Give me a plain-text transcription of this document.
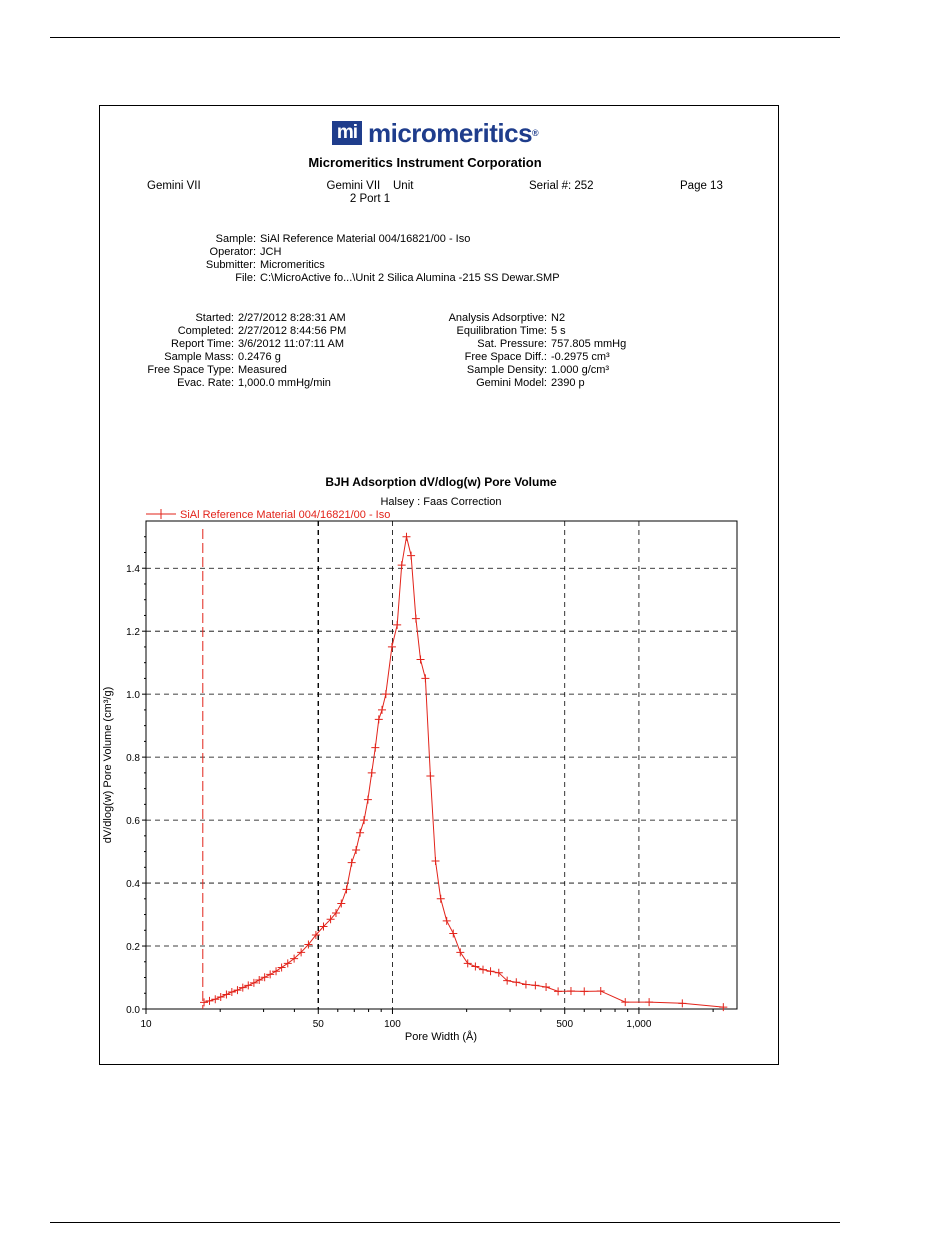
mi micromeritics®
Micromeritics Instrument Corporation
Gemini VII	Gemini VII    Unit
2 Port 1
Serial #: 252	Page 13
Sample: SiAl Reference Material 004/16821/00 - Iso
Operator: JCH
Submitter: Micromeritics
File: C:\MicroActive fo...\Unit 2 Silica Alumina -215 SS Dewar.SMP
Started: 2/27/2012 8:28:31 AM
Completed: 2/27/2012 8:44:56 PM
Report Time: 3/6/2012 11:07:11 AM
Sample Mass: 0.2476 g
Free Space Type: Measured
Evac. Rate: 1,000.0 mmHg/min
Analysis Adsorptive: N2
Equilibration Time: 5 s
Sat. Pressure: 757.805 mmHg
Free Space Diff.: -0.2975 cm³
Sample Density: 1.000 g/cm³
Gemini Model: 2390 p
BJH Adsorption dV/dlog(w) Pore Volume
Halsey : Faas Correction
Pore Width (Å)
dV/dlog(w) Pore Volume (cm³/g)
SiAl Reference Material 004/16821/00 - Iso
0.0
0.2
0.4
0.6
0.8
1.0
1.2
1.4
10	50	100	500	1,000
